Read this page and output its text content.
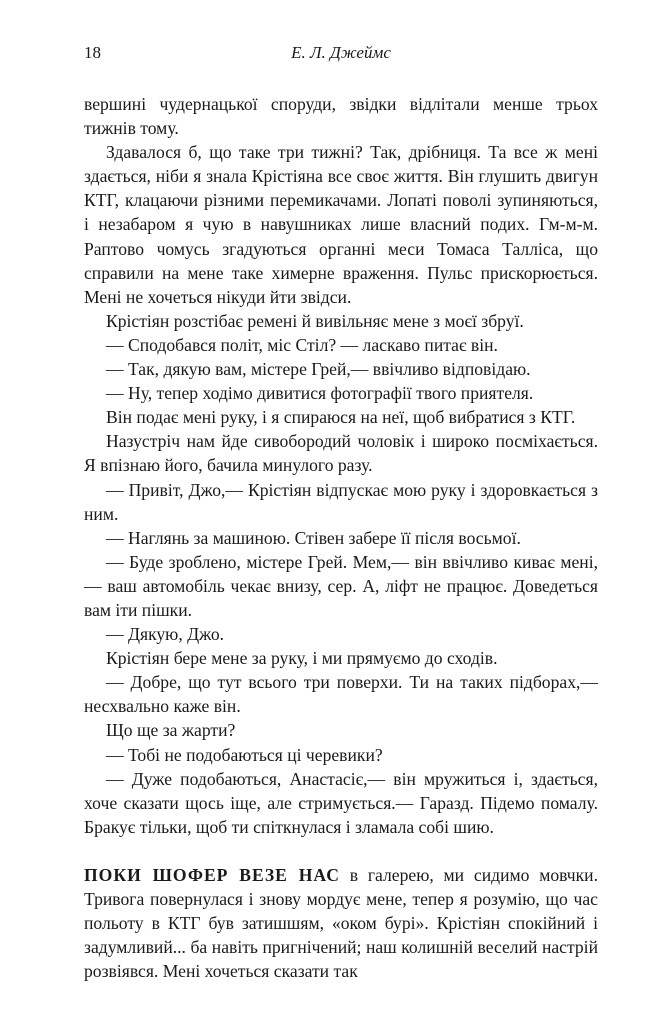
18	Е. Л. Джеймс

вершині чудернацької споруди, звідки відлітали менше трьох тижнів тому.

Здавалося б, що таке три тижні? Так, дрібниця. Та все ж мені здається, ніби я знала Крістіяна все своє життя. Він глушить двигун КТГ, клацаючи різними перемикачами. Лопаті поволі зупиняються, і незабаром я чую в навушниках лише власний подих. Гм-м-м. Раптово чомусь згадуються органні меси Томаса Талліса, що справили на мене таке химерне враження. Пульс прискорюється. Мені не хочеться нікуди йти звідси.

Крістіян розстібає ремені й вивільняє мене з моєї збруї.

— Сподобався політ, міс Стіл? — ласкаво питає він.

— Так, дякую вам, містере Грей,— ввічливо відповідаю.

— Ну, тепер ходімо дивитися фотографії твого приятеля.

Він подає мені руку, і я спираюся на неї, щоб вибратися з КТГ.

Назустріч нам йде сивобородий чоловік і широко посміхається. Я впізнаю його, бачила минулого разу.

— Привіт, Джо,— Крістіян відпускає мою руку і здоровкається з ним.

— Наглянь за машиною. Стівен забере її після восьмої.

— Буде зроблено, містере Грей. Мем,— він ввічливо киває мені,— ваш автомобіль чекає внизу, сер. А, ліфт не працює. Доведеться вам іти пішки.

— Дякую, Джо.

Крістіян бере мене за руку, і ми прямуємо до сходів.

— Добре, що тут всього три поверхи. Ти на таких підборах,— несхвально каже він.

Що ще за жарти?

— Тобі не подобаються ці черевики?

— Дуже подобаються, Анастасіє,— він мружиться і, здається, хоче сказати щось іще, але стримується.— Гаразд. Підемо помалу. Бракує тільки, щоб ти спіткнулася і зламала собі шию.

ПОКИ ШОФЕР ВЕЗЕ НАС в галерею, ми сидимо мовчки. Тривога повернулася і знову мордує мене, тепер я розумію, що час польоту в КТГ був затишшям, «оком бурі». Крістіян спокійний і задумливий... ба навіть пригнічений; наш колишній веселий настрій розвіявся. Мені хочеться сказати так
